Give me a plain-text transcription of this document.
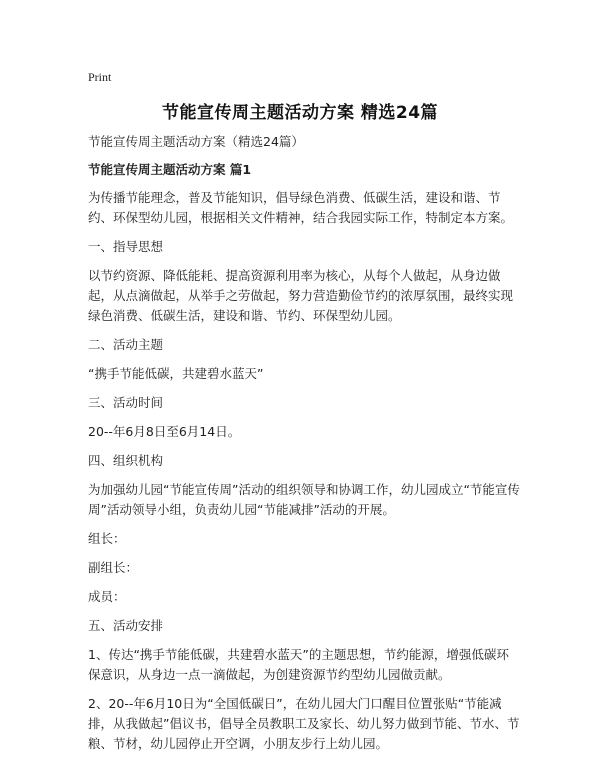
Print
节能宣传周主题活动方案 精选24篇

节能宣传周主题活动方案（精选24篇）

节能宣传周主题活动方案 篇1

为传播节能理念，普及节能知识，倡导绿色消费、低碳生活，建设和谐、节约、环保型幼儿园，根据相关文件精神，结合我园实际工作，特制定本方案。

一、指导思想

以节约资源、降低能耗、提高资源利用率为核心，从每个人做起，从身边做起，从点滴做起，从举手之劳做起，努力营造勤俭节约的浓厚氛围，最终实现绿色消费、低碳生活，建设和谐、节约、环保型幼儿园。

二、活动主题

“携手节能低碳，共建碧水蓝天”

三、活动时间

20--年6月8日至6月14日。

四、组织机构

为加强幼儿园“节能宣传周”活动的组织领导和协调工作，幼儿园成立“节能宣传周”活动领导小组，负责幼儿园“节能减排”活动的开展。

组长：

副组长：

成员：

五、活动安排

1、传达“携手节能低碳，共建碧水蓝天”的主题思想，节约能源，增强低碳环保意识，从身边一点一滴做起，为创建资源节约型幼儿园做贡献。

2、20--年6月10日为“全国低碳日”，在幼儿园大门口醒目位置张贴“节能减排，从我做起”倡议书，倡导全员教职工及家长、幼儿努力做到节能、节水、节粮、节材，幼儿园停止开空调，小朋友步行上幼儿园。
